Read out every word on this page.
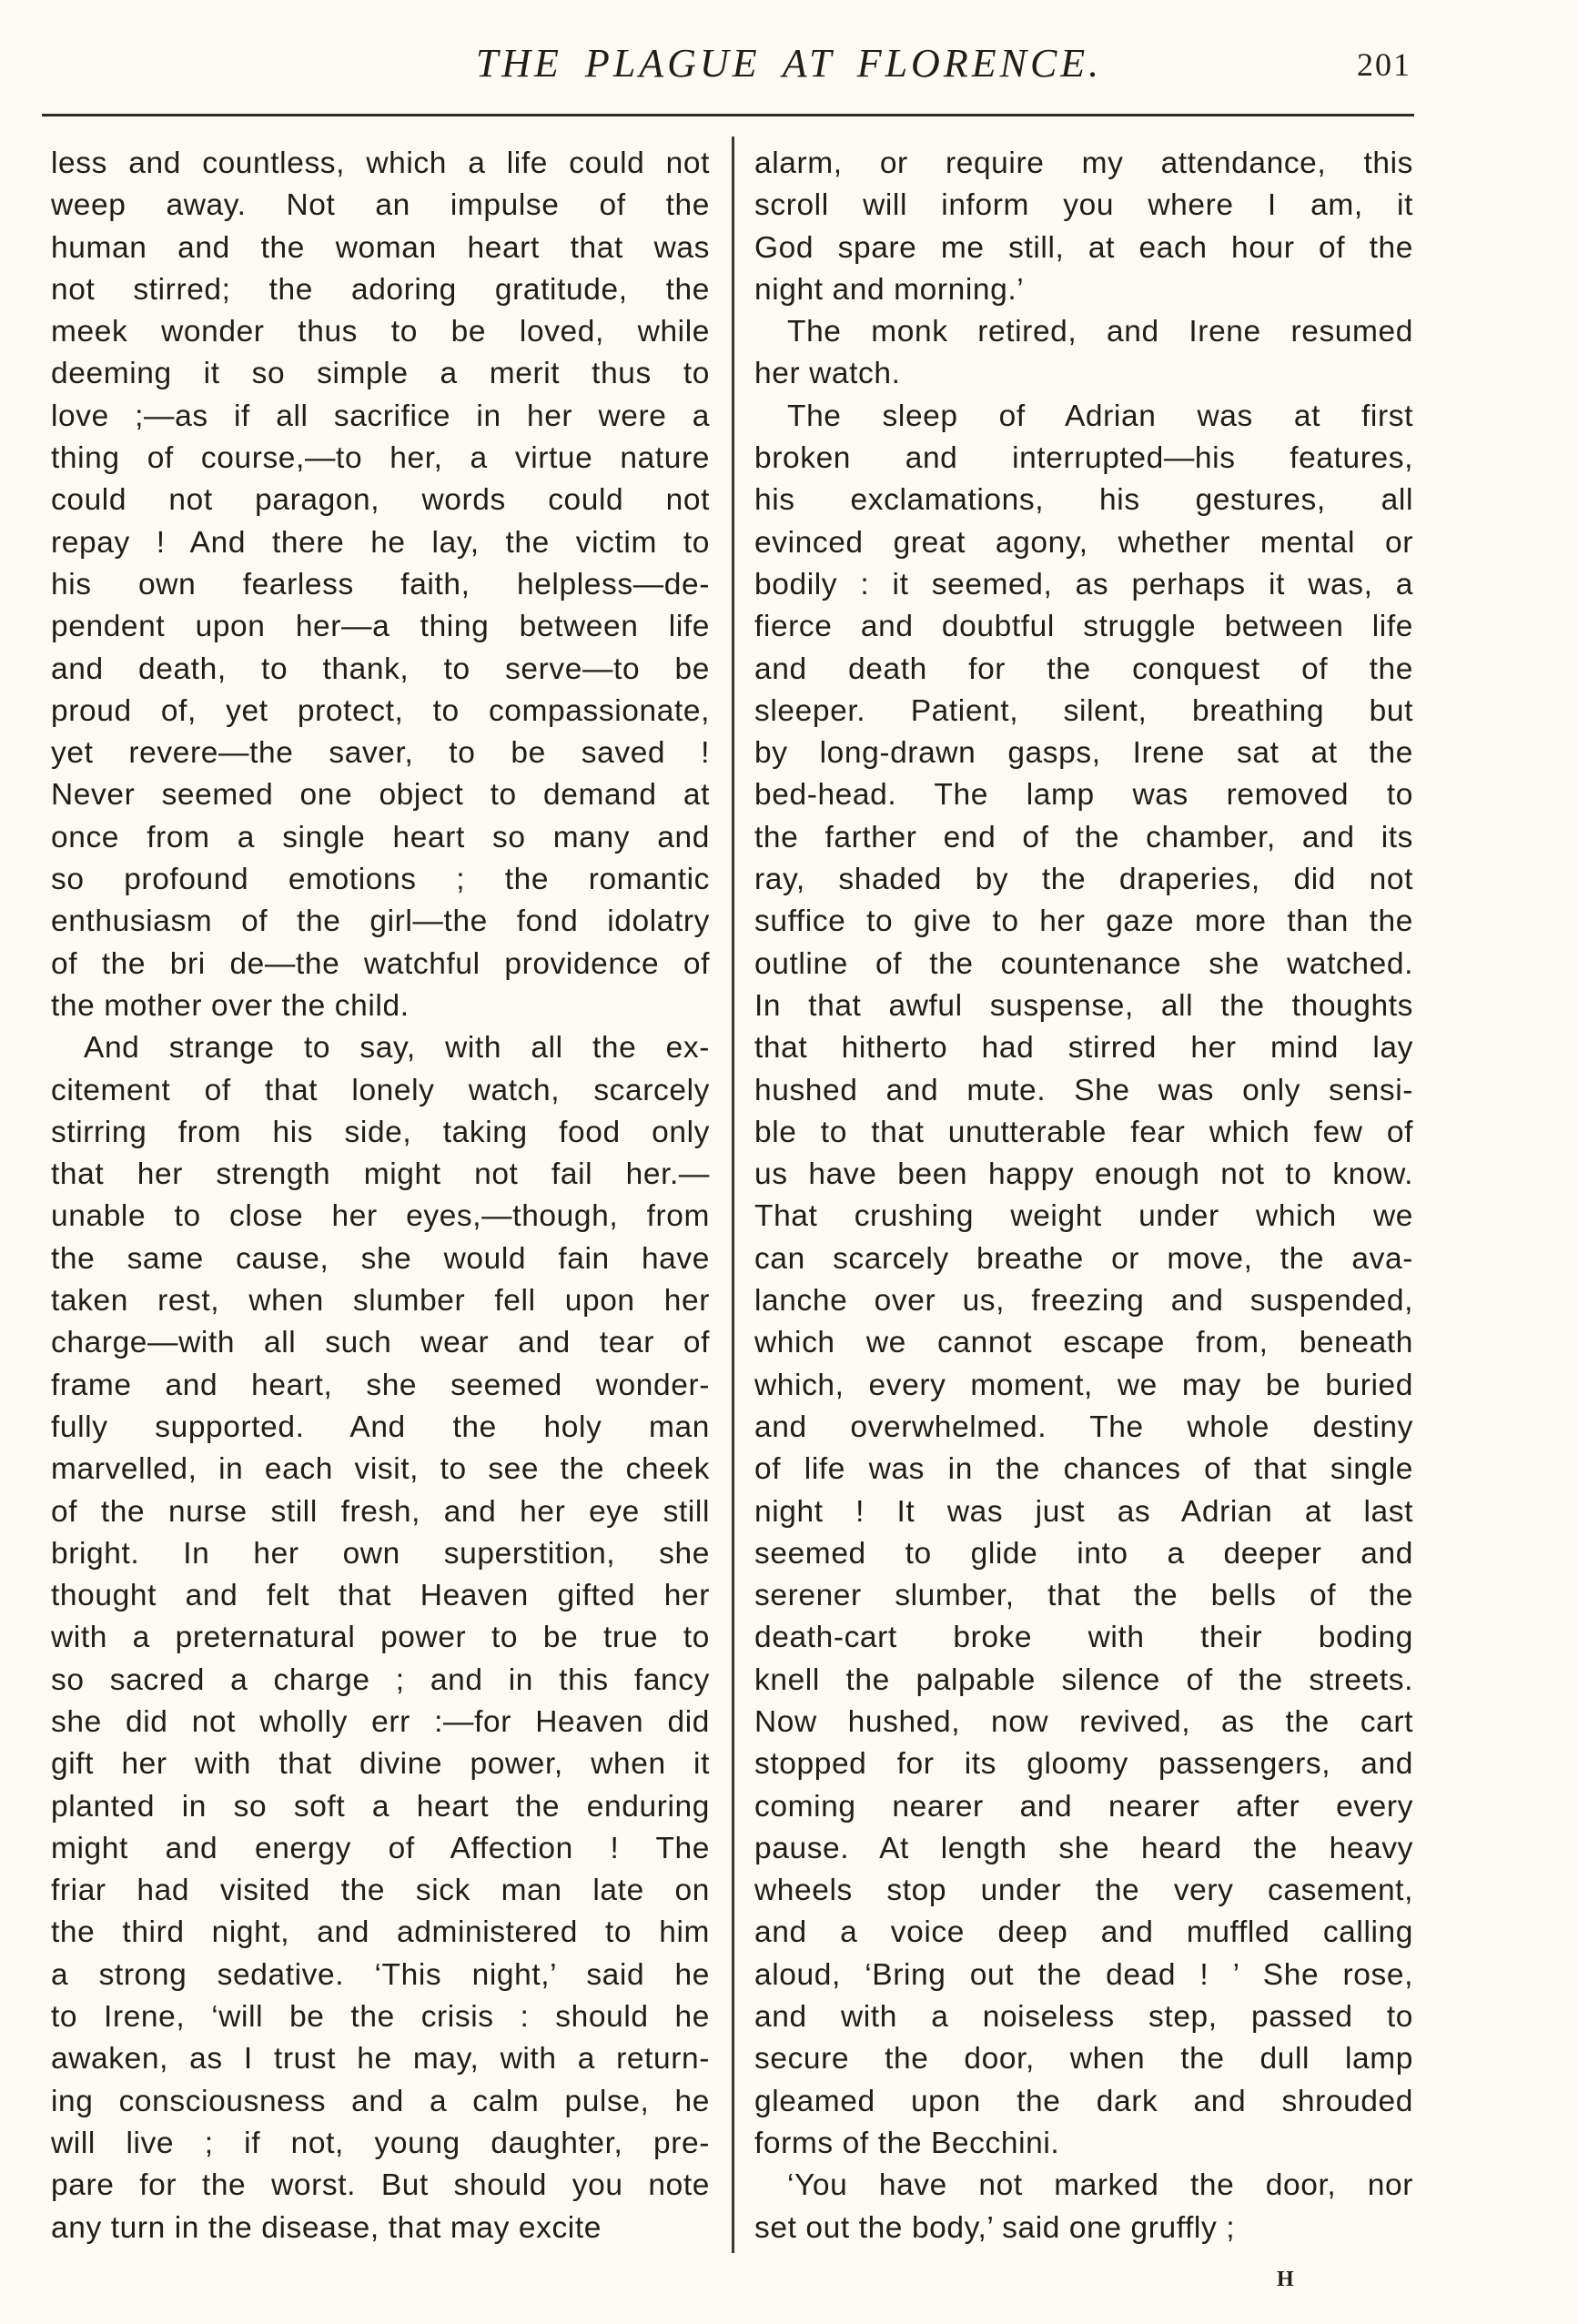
THE PLAGUE AT FLORENCE.	201
less and countless, which a life could not
weep away. Not an impulse of the
human and the woman heart that was
not stirred; the adoring gratitude, the
meek wonder thus to be loved, while
deeming it so simple a merit thus to
love ;—as if all sacrifice in her were a
thing of course,—to her, a virtue nature
could not paragon, words could not
repay ! And there he lay, the victim to
his own fearless faith, helpless—de-
pendent upon her—a thing between life
and death, to thank, to serve—to be
proud of, yet protect, to compassionate,
yet revere—the saver, to be saved !
Never seemed one object to demand at
once from a single heart so many and
so profound emotions ; the romantic
enthusiasm of the girl—the fond idolatry
of the bri de—the watchful providence of
the mother over the child.
And strange to say, with all the ex-
citement of that lonely watch, scarcely
stirring from his side, taking food only
that her strength might not fail her.—
unable to close her eyes,—though, from
the same cause, she would fain have
taken rest, when slumber fell upon her
charge—with all such wear and tear of
frame and heart, she seemed wonder-
fully supported. And the holy man
marvelled, in each visit, to see the cheek
of the nurse still fresh, and her eye still
bright. In her own superstition, she
thought and felt that Heaven gifted her
with a preternatural power to be true to
so sacred a charge ; and in this fancy
she did not wholly err :—for Heaven did
gift her with that divine power, when it
planted in so soft a heart the enduring
might and energy of Affection ! The
friar had visited the sick man late on
the third night, and administered to him
a strong sedative. ‘This night,’ said he
to Irene, ‘will be the crisis : should he
awaken, as I trust he may, with a return-
ing consciousness and a calm pulse, he
will live ; if not, young daughter, pre-
pare for the worst. But should you note
any turn in the disease, that may excite
alarm, or require my attendance, this
scroll will inform you where I am, it
God spare me still, at each hour of the
night and morning.’
The monk retired, and Irene resumed
her watch.
The sleep of Adrian was at first
broken and interrupted—his features,
his exclamations, his gestures, all
evinced great agony, whether mental or
bodily : it seemed, as perhaps it was, a
fierce and doubtful struggle between life
and death for the conquest of the
sleeper. Patient, silent, breathing but
by long-drawn gasps, Irene sat at the
bed-head. The lamp was removed to
the farther end of the chamber, and its
ray, shaded by the draperies, did not
suffice to give to her gaze more than the
outline of the countenance she watched.
In that awful suspense, all the thoughts
that hitherto had stirred her mind lay
hushed and mute. She was only sensi-
ble to that unutterable fear which few of
us have been happy enough not to know.
That crushing weight under which we
can scarcely breathe or move, the ava-
lanche over us, freezing and suspended,
which we cannot escape from, beneath
which, every moment, we may be buried
and overwhelmed. The whole destiny
of life was in the chances of that single
night ! It was just as Adrian at last
seemed to glide into a deeper and
serener slumber, that the bells of the
death-cart broke with their boding
knell the palpable silence of the streets.
Now hushed, now revived, as the cart
stopped for its gloomy passengers, and
coming nearer and nearer after every
pause. At length she heard the heavy
wheels stop under the very casement,
and a voice deep and muffled calling
aloud, ‘Bring out the dead ! ’ She rose,
and with a noiseless step, passed to
secure the door, when the dull lamp
gleamed upon the dark and shrouded
forms of the Becchini.
‘You have not marked the door, nor
set out the body,’ said one gruffly ;
H
